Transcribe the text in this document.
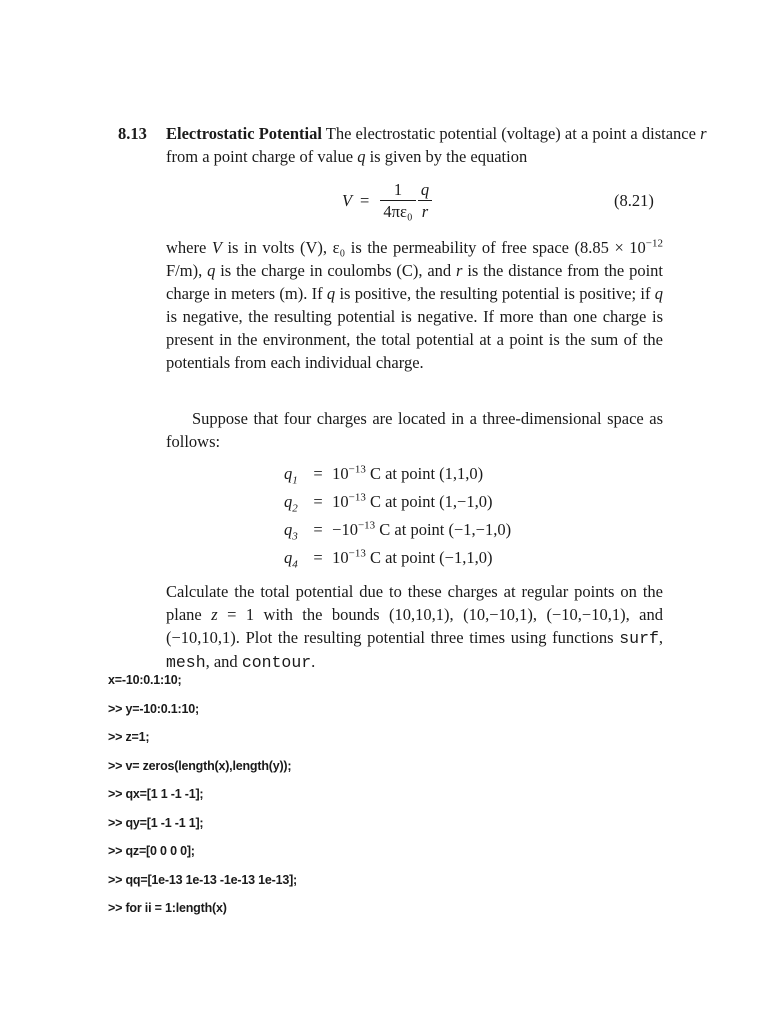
8.13 Electrostatic Potential The electrostatic potential (voltage) at a point a distance r from a point charge of value q is given by the equation
$V = \frac{1}{\text{4πε₀}} \frac{q}{r}$	(8.21)
where V is in volts (V), ε₀ is the permeability of free space ($8.85 \times 10^{-12}$ F/m), q is the charge in coulombs (C), and r is the distance from the point charge in meters (m). If q is positive, the resulting potential is positive; if q is negative, the resulting potential is negative. If more than one charge is present in the environment, the total potential at a point is the sum of the potentials from each individual charge.
Suppose that four charges are located in a three-dimensional space as follows:
$q_1 = 10^{-13}$ C at point (1,1,0)
$q_2 = 10^{-13}$ C at point (1,−1,0)
$q_3 = -10^{-13}$ C at point (−1,−1,0)
$q_4 = 10^{-13}$ C at point (−1,1,0)
Calculate the total potential due to these charges at regular points on the plane z = 1 with the bounds (10,10,1), (10,−10,1), (−10,−10,1), and (−10,10,1). Plot the resulting potential three times using functions surf, mesh, and contour.
x=-10:0.1:10;
>> y=-10:0.1:10;
>> z=1;
>> v= zeros(length(x),length(y));
>> qx=[1 1 -1 -1];
>> qy=[1 -1 -1 1];
>> qz=[0 0 0 0];
>> qq=[1e-13 1e-13 -1e-13 1e-13];
>> for ii = 1:length(x)
